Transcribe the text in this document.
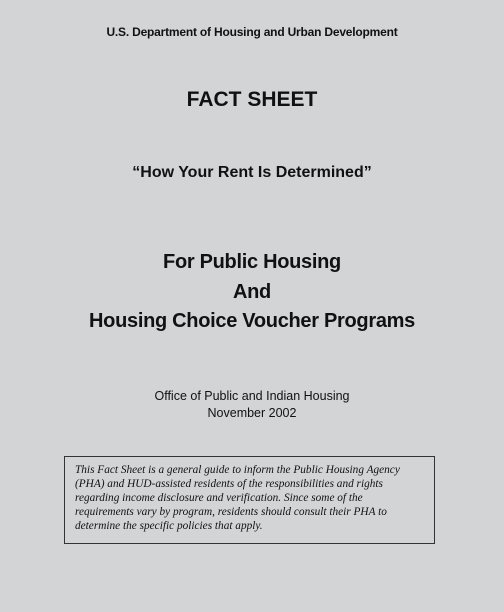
U.S. Department of Housing and Urban Development
FACT SHEET
“How Your Rent Is Determined”
For Public Housing
And
Housing Choice Voucher Programs
Office of Public and Indian Housing
November 2002
This Fact Sheet is a general guide to inform the Public Housing Agency (PHA) and HUD-assisted residents of the responsibilities and rights regarding income disclosure and verification. Since some of the requirements vary by program, residents should consult their PHA to determine the specific policies that apply.
